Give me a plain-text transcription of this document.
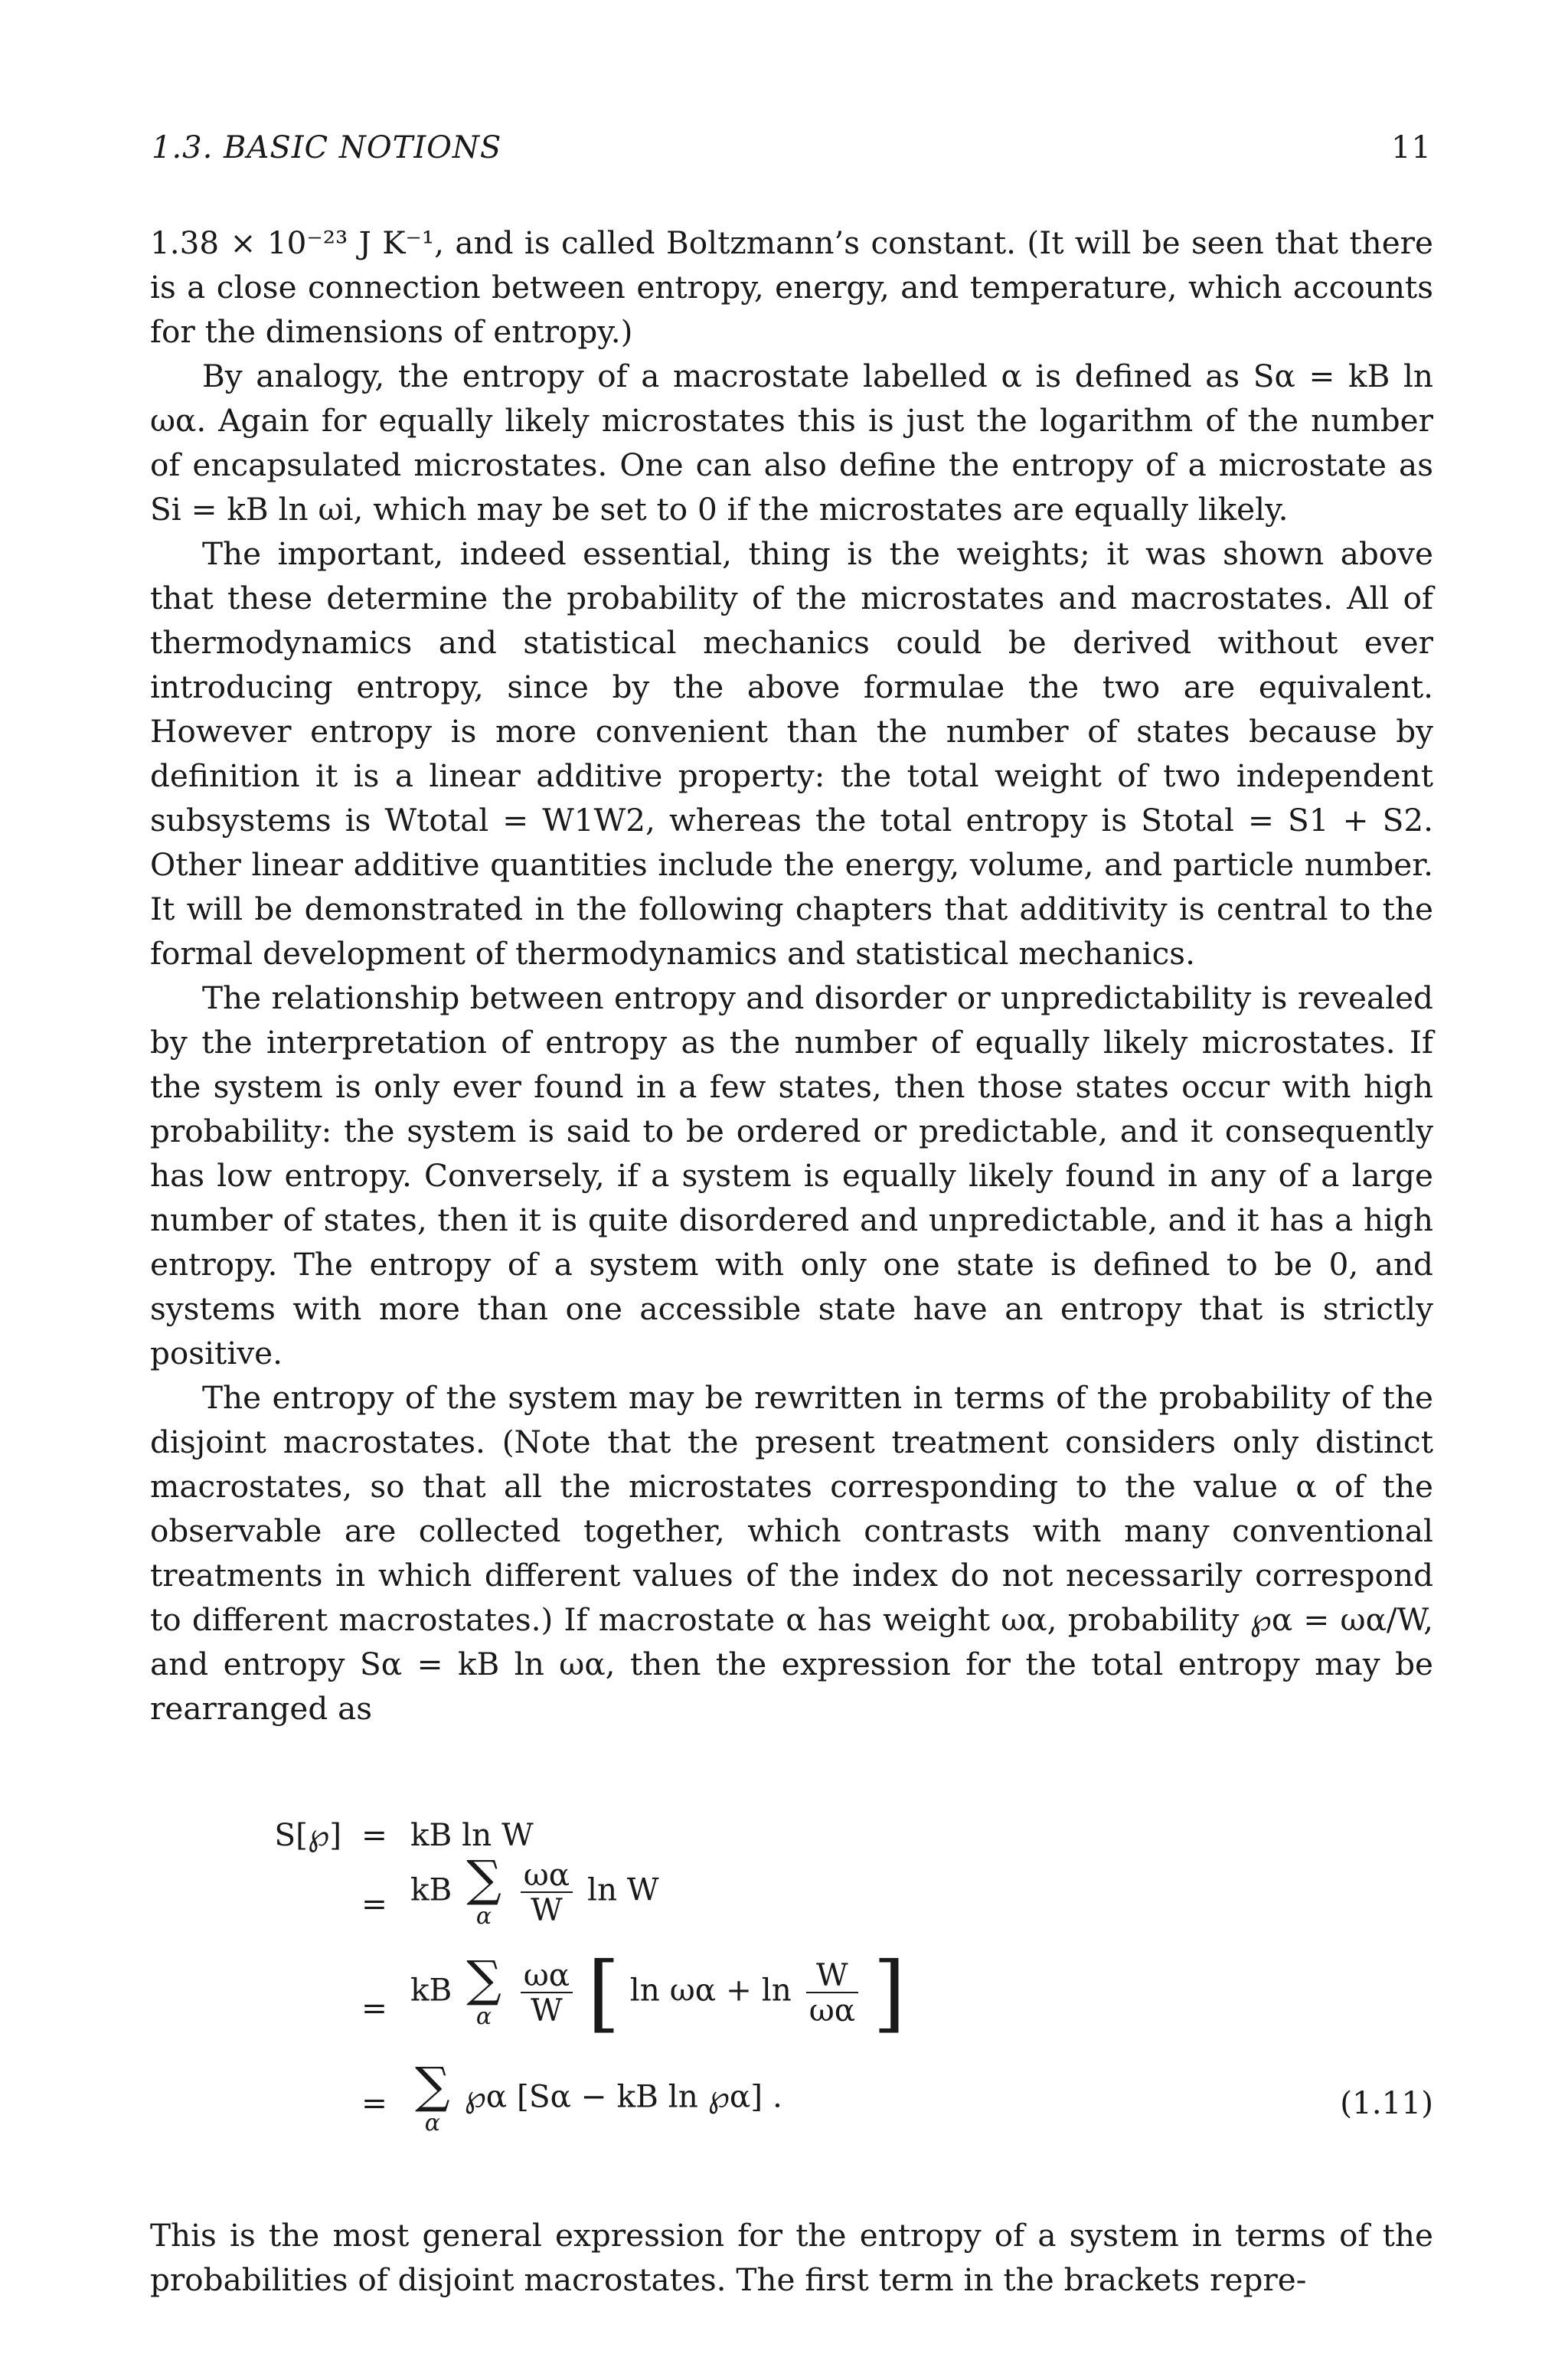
1.3. BASIC NOTIONS	11

1.38 × 10⁻²³ J K⁻¹, and is called Boltzmann’s constant. (It will be seen that there is a close connection between entropy, energy, and temperature, which accounts for the dimensions of entropy.)

By analogy, the entropy of a macrostate labelled α is defined as Sα = kB ln ωα. Again for equally likely microstates this is just the logarithm of the number of encapsulated microstates. One can also define the entropy of a microstate as Si = kB ln ωi, which may be set to 0 if the microstates are equally likely.

The important, indeed essential, thing is the weights; it was shown above that these determine the probability of the microstates and macrostates. All of thermodynamics and statistical mechanics could be derived without ever introducing entropy, since by the above formulae the two are equivalent. However entropy is more convenient than the number of states because by definition it is a linear additive property: the total weight of two independent subsystems is Wtotal = W1W2, whereas the total entropy is Stotal = S1 + S2. Other linear additive quantities include the energy, volume, and particle number. It will be demonstrated in the following chapters that additivity is central to the formal development of thermodynamics and statistical mechanics.

The relationship between entropy and disorder or unpredictability is revealed by the interpretation of entropy as the number of equally likely microstates. If the system is only ever found in a few states, then those states occur with high probability: the system is said to be ordered or predictable, and it consequently has low entropy. Conversely, if a system is equally likely found in any of a large number of states, then it is quite disordered and unpredictable, and it has a high entropy. The entropy of a system with only one state is defined to be 0, and systems with more than one accessible state have an entropy that is strictly positive.

The entropy of the system may be rewritten in terms of the probability of the disjoint macrostates. (Note that the present treatment considers only distinct macrostates, so that all the microstates corresponding to the value α of the observable are collected together, which contrasts with many conventional treatments in which different values of the index do not necessarily correspond to different macrostates.) If macrostate α has weight ωα, probability ℘α = ωα/W, and entropy Sα = kB ln ωα, then the expression for the total entropy may be rearranged as

S[℘] = kB ln W
= kB ∑
α
$\frac{\omega\alpha}{W}$ ln W
= kB ∑
α
$\frac{\omega\alpha}{W}$ [ $\ln \omega\alpha + \ln \frac{W}{\omega\alpha}$ ]
= ∑
α
℘α [Sα − kB ln ℘α] .	(1.11)

This is the most general expression for the entropy of a system in terms of the probabilities of disjoint macrostates. The first term in the brackets repre-
